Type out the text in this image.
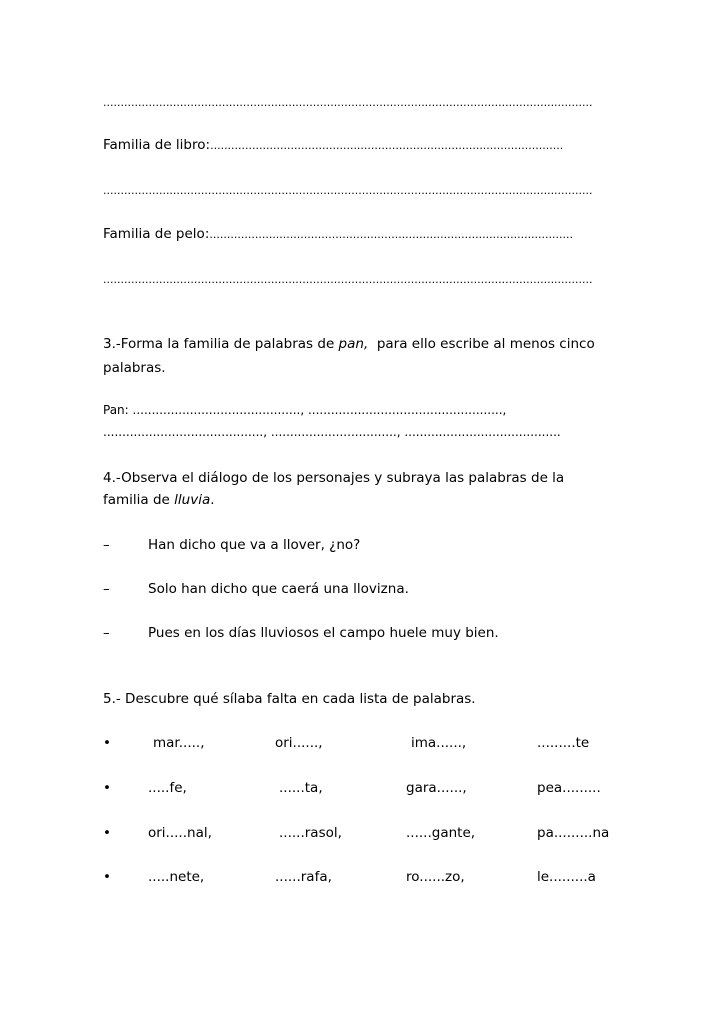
............................................................................................................................................
Familia de libro:.....................................................................................................
............................................................................................................................................
Familia de pelo:........................................................................................................
............................................................................................................................................
3.-Forma la familia de palabras de pan,  para ello escribe al menos cinco
palabras.
Pan: ............................................, ...................................................,
.........................................., ................................., .........................................
4.-Observa el diálogo de los personajes y subraya las palabras de la
familia de lluvia.
–	Han dicho que va a llover, ¿no?
–	Solo han dicho que caerá una llovizna.
–	Pues en los días lluviosos el campo huele muy bien.
5.- Descubre qué sílaba falta en cada lista de palabras.
•	mar.....,	ori......,	ima......,	.........te
•	.....fe,	......ta,	gara......,	pea.........
•	ori.....nal,	......rasol,	......gante,	pa.........na
•	.....nete,	......rafa,	ro......zo,	le.........a
